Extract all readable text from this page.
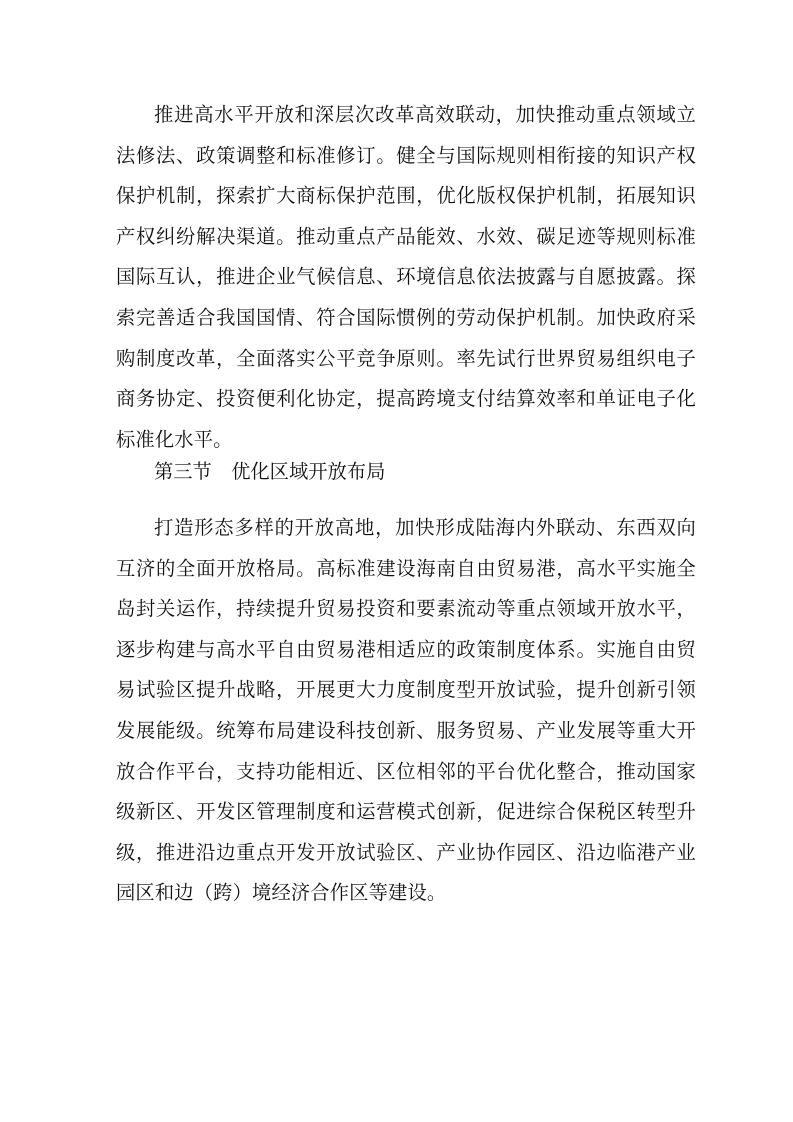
推进高水平开放和深层次改革高效联动，加快推动重点领域立法修法、政策调整和标准修订。健全与国际规则相衔接的知识产权保护机制，探索扩大商标保护范围，优化版权保护机制，拓展知识产权纠纷解决渠道。推动重点产品能效、水效、碳足迹等规则标准国际互认，推进企业气候信息、环境信息依法披露与自愿披露。探索完善适合我国国情、符合国际惯例的劳动保护机制。加快政府采购制度改革，全面落实公平竞争原则。率先试行世界贸易组织电子商务协定、投资便利化协定，提高跨境支付结算效率和单证电子化标准化水平。

第三节　优化区域开放布局

打造形态多样的开放高地，加快形成陆海内外联动、东西双向互济的全面开放格局。高标准建设海南自由贸易港，高水平实施全岛封关运作，持续提升贸易投资和要素流动等重点领域开放水平，逐步构建与高水平自由贸易港相适应的政策制度体系。实施自由贸易试验区提升战略，开展更大力度制度型开放试验，提升创新引领发展能级。统筹布局建设科技创新、服务贸易、产业发展等重大开放合作平台，支持功能相近、区位相邻的平台优化整合，推动国家级新区、开发区管理制度和运营模式创新，促进综合保税区转型升级，推进沿边重点开发开放试验区、产业协作园区、沿边临港产业园区和边（跨）境经济合作区等建设。
